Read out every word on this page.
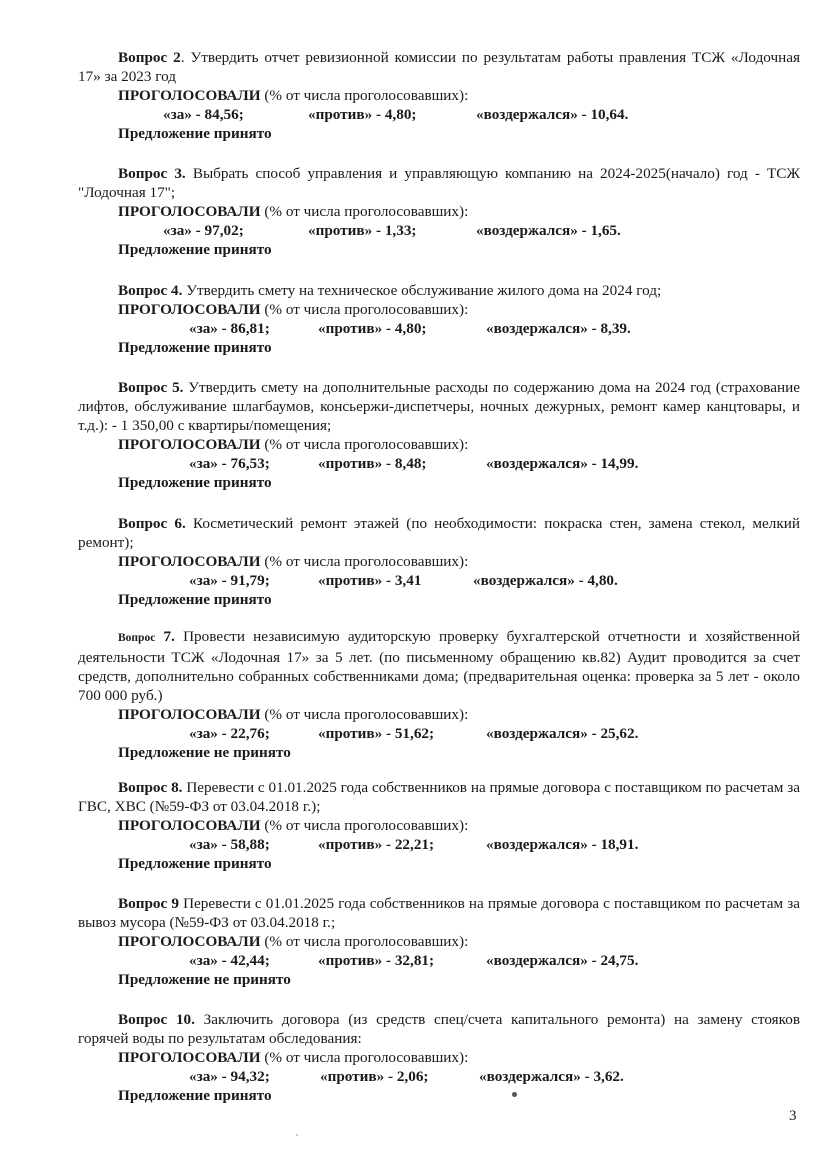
Вопрос 2. Утвердить отчет ревизионной комиссии по результатам работы правления ТСЖ «Лодочная 17» за 2023 год

ПРОГОЛОСОВАЛИ (% от числа проголосовавших):

«за» - 84,56;	«против» - 4,80;	«воздержался» - 10,64.

Предложение принято

Вопрос 3. Выбрать способ управления и управляющую компанию на 2024-2025(начало) год - ТСЖ "Лодочная 17";

ПРОГОЛОСОВАЛИ (% от числа проголосовавших):

«за» - 97,02;	«против» - 1,33;	«воздержался» - 1,65.

Предложение принято

Вопрос 4. Утвердить смету на техническое обслуживание жилого дома на 2024 год;

ПРОГОЛОСОВАЛИ (% от числа проголосовавших):

«за» - 86,81;	«против» - 4,80;	«воздержался» - 8,39.

Предложение принято

Вопрос 5. Утвердить смету на дополнительные расходы по содержанию дома на 2024 год (страхование лифтов, обслуживание шлагбаумов, консьержи-диспетчеры, ночных дежурных, ремонт камер канцтовары, и т.д.): - 1 350,00 с квартиры/помещения;

ПРОГОЛОСОВАЛИ (% от числа проголосовавших):

«за» - 76,53;	«против» - 8,48;	«воздержался» - 14,99.

Предложение принято

Вопрос 6. Косметический ремонт этажей (по необходимости: покраска стен, замена стекол, мелкий ремонт);

ПРОГОЛОСОВАЛИ (% от числа проголосовавших):

«за» - 91,79;	«против» - 3,41	«воздержался» - 4,80.

Предложение принято

Вопрос 7. Провести независимую аудиторскую проверку бухгалтерской отчетности и хозяйственной деятельности ТСЖ «Лодочная 17» за 5 лет. (по письменному обращению кв.82) Аудит проводится за счет средств, дополнительно собранных собственниками дома; (предварительная оценка: проверка за 5 лет - около 700 000 руб.)

ПРОГОЛОСОВАЛИ (% от числа проголосовавших):

«за» - 22,76;	«против» - 51,62;	«воздержался» - 25,62.

Предложение не принято

Вопрос 8. Перевести с 01.01.2025 года собственников на прямые договора с поставщиком по расчетам за ГВС, ХВС (№59-ФЗ от 03.04.2018 г.);

ПРОГОЛОСОВАЛИ (% от числа проголосовавших):

«за» - 58,88;	«против» - 22,21;	«воздержался» - 18,91.

Предложение принято

Вопрос 9 Перевести с 01.01.2025 года собственников на прямые договора с поставщиком по расчетам за вывоз мусора (№59-ФЗ от 03.04.2018 г.;

ПРОГОЛОСОВАЛИ (% от числа проголосовавших):

«за» - 42,44;	«против» - 32,81;	«воздержался» - 24,75.

Предложение не принято

Вопрос 10. Заключить договора (из средств спец/счета капитального ремонта) на замену стояков горячей воды по результатам обследования:

ПРОГОЛОСОВАЛИ (% от числа проголосовавших):

«за» - 94,32;	«против» - 2,06;	«воздержался» - 3,62.

Предложение принято

3
